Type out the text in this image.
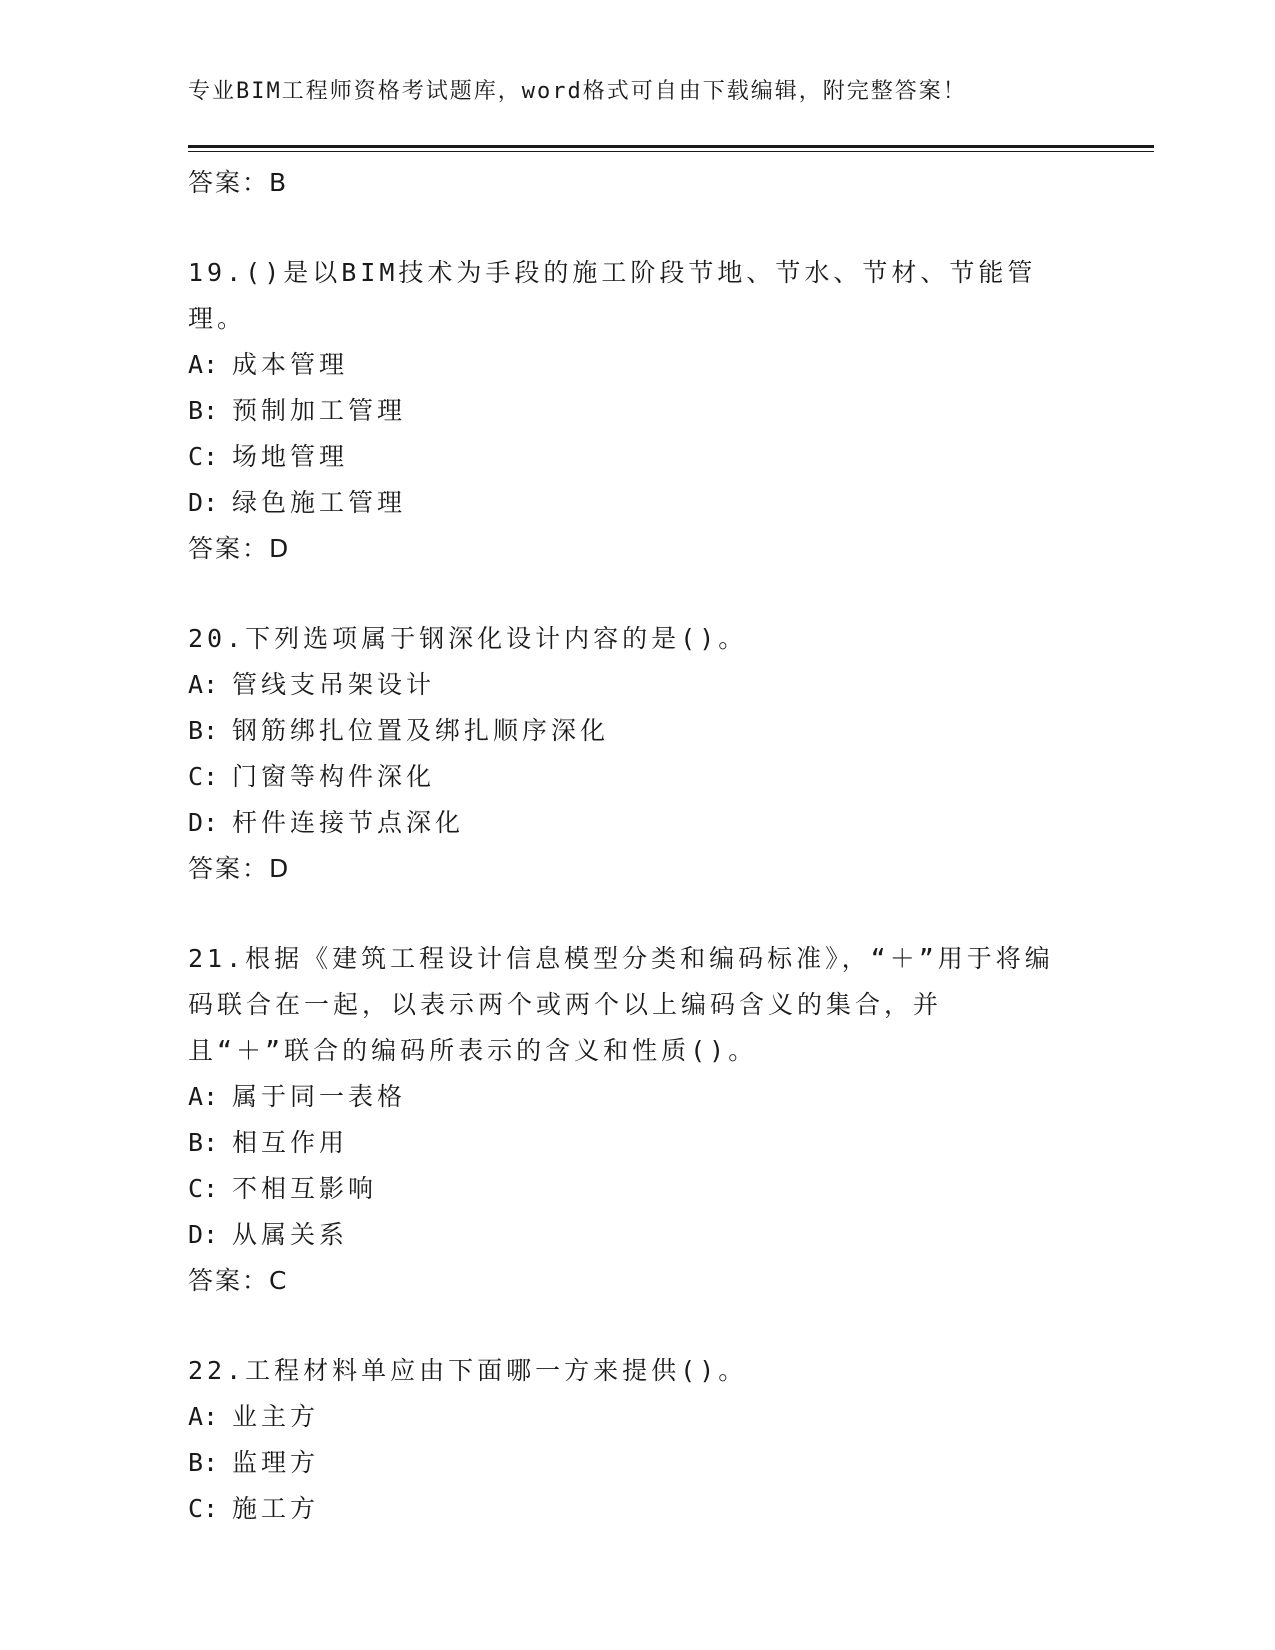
专业BIM工程师资格考试题库，word格式可自由下载编辑，附完整答案！
答案：B
19.()是以BIM技术为手段的施工阶段节地、节水、节材、节能管理。
A: 成本管理
B: 预制加工管理
C: 场地管理
D: 绿色施工管理
答案：D
20.下列选项属于钢深化设计内容的是()。
A: 管线支吊架设计
B: 钢筋绑扎位置及绑扎顺序深化
C: 门窗等构件深化
D: 杆件连接节点深化
答案：D
21.根据《建筑工程设计信息模型分类和编码标准》，“＋”用于将编码联合在一起，以表示两个或两个以上编码含义的集合，并且“＋”联合的编码所表示的含义和性质()。
A: 属于同一表格
B: 相互作用
C: 不相互影响
D: 从属关系
答案：C
22.工程材料单应由下面哪一方来提供()。
A: 业主方
B: 监理方
C: 施工方
